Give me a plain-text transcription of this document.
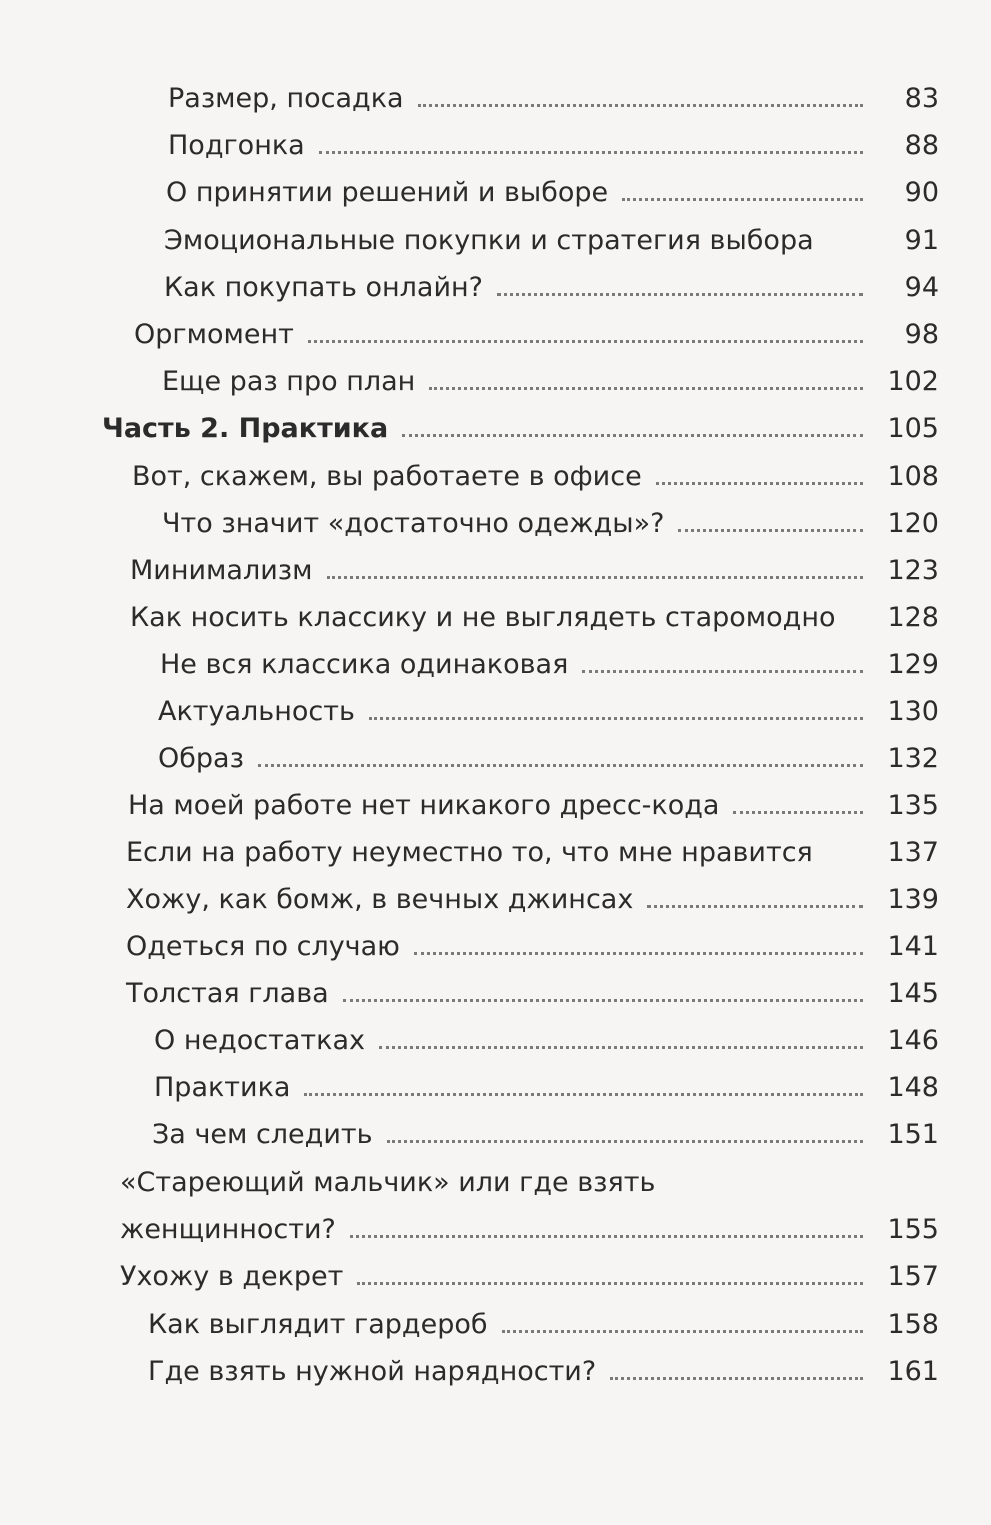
Размер, посадка	83
Подгонка	88
О принятии решений и выборе	90
Эмоциональные покупки и стратегия выбора	91
Как покупать онлайн?	94
Оргмомент	98
Еще раз про план	102
Часть 2. Практика	105
Вот, скажем, вы работаете в офисе	108
Что значит «достаточно одежды»?	120
Минимализм	123
Как носить классику и не выглядеть старомодно	128
Не вся классика одинаковая	129
Актуальность	130
Образ	132
На моей работе нет никакого дресс-кода	135
Если на работу неуместно то, что мне нравится	137
Хожу, как бомж, в вечных джинсах	139
Одеться по случаю	141
Толстая глава	145
О недостатках	146
Практика	148
За чем следить	151
«Стареющий мальчик» или где взять
женщинности?	155
Ухожу в декрет	157
Как выглядит гардероб	158
Где взять нужной нарядности?	161
